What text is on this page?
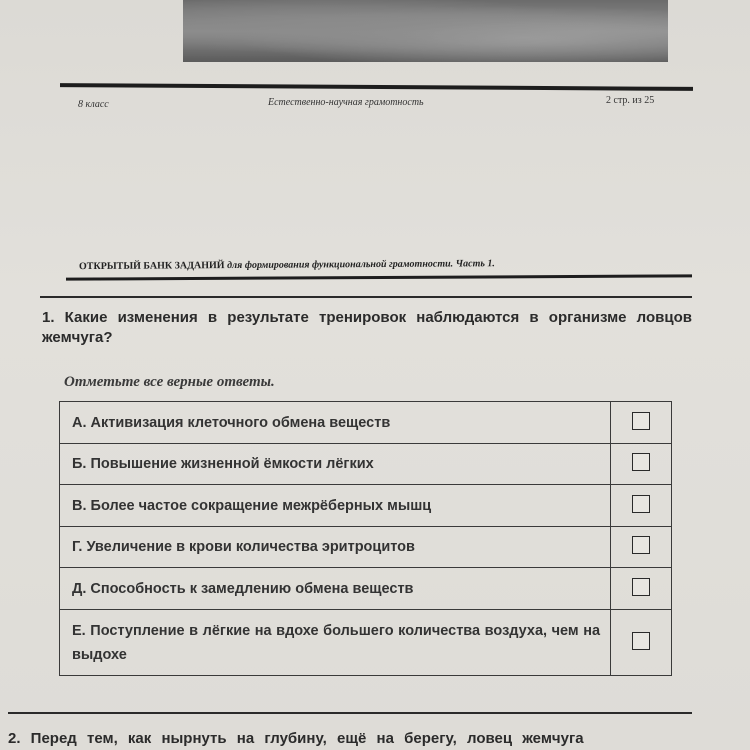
8 класс	Естественно-научная грамотность	2 стр. из 25
ОТКРЫТЫЙ БАНК ЗАДАНИЙ для формирования функциональной грамотности. Часть 1.
1. Какие изменения в результате тренировок наблюдаются в организме ловцов жемчуга?
Отметьте все верные ответы.
А. Активизация клеточного обмена веществ	
Б. Повышение жизненной ёмкости лёгких	
В. Более частое сокращение межрёберных мышц	
Г. Увеличение в крови количества эритроцитов	
Д. Способность к замедлению обмена веществ	
Е. Поступление в лёгкие на вдохе большего количества воздуха, чем на выдохе	
2. Перед тем, как нырнуть на глубину, ещё на берегу, ловец жемчуга
